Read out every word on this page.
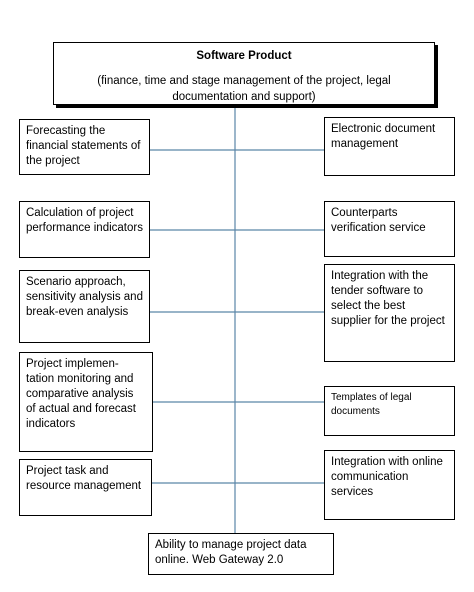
Software Product
(finance, time and stage management of the project, legal documentation and support)
Forecasting the financial statements of the project
Calculation of project performance indicators
Scenario approach, sensitivity analysis and break-even analysis
Project implemen-tation monitoring and comparative analysis of actual and forecast indicators
Project task and resource management
Electronic document management
Counterparts verification service
Integration with the tender software to select the best supplier for the project
Templates of legal documents
Integration with online communication services
Ability to manage project data online. Web Gateway 2.0
